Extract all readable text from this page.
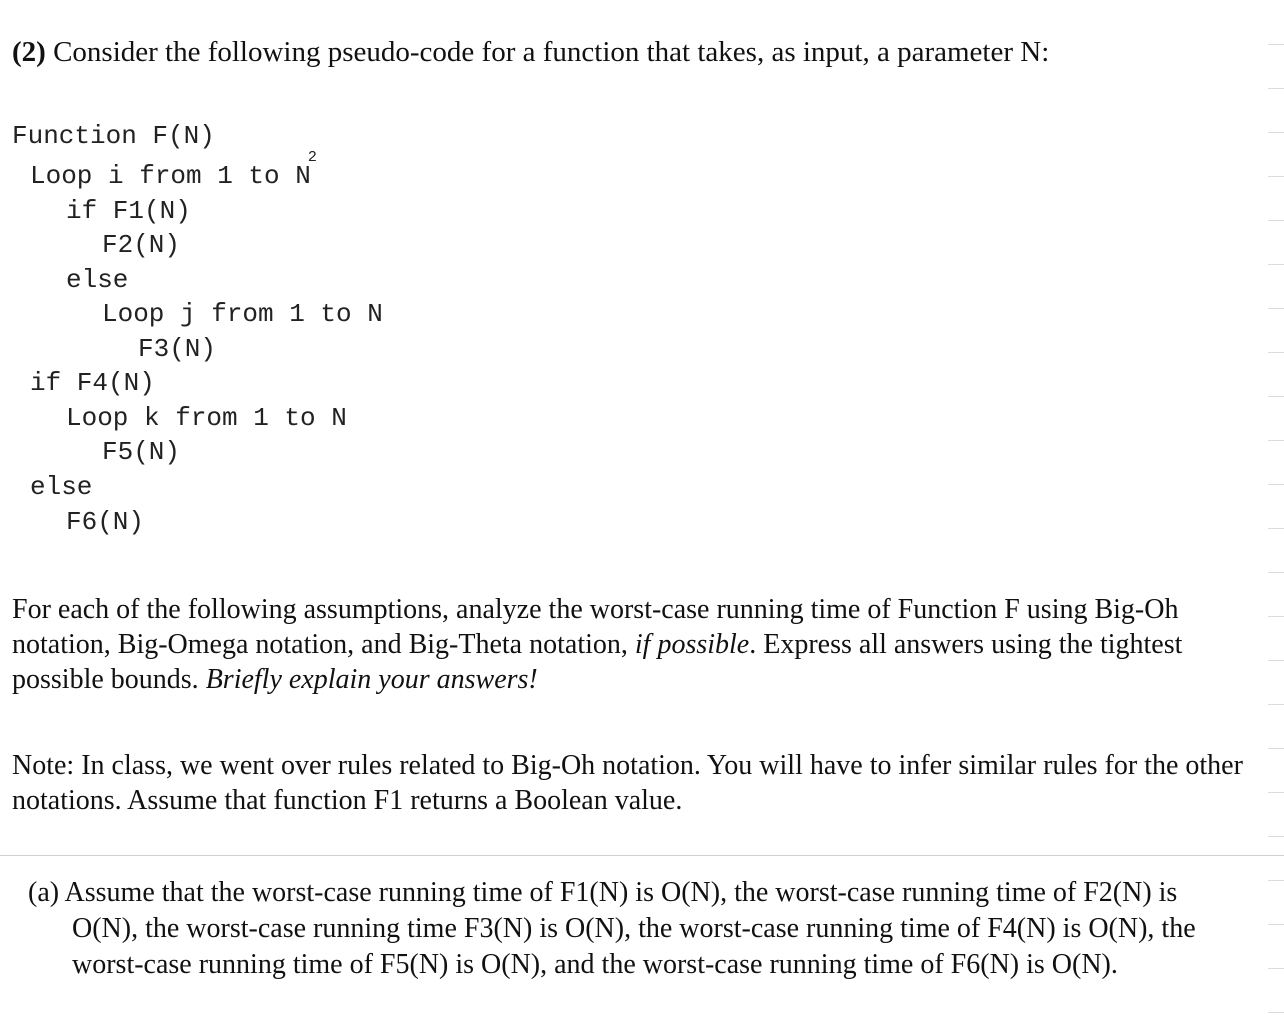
(2) Consider the following pseudo-code for a function that takes, as input, a parameter N:
Function F(N)
Loop i from 1 to $N^2$
if F1(N)
F2(N)
else
Loop j from 1 to N
F3(N)
if F4(N)
Loop k from 1 to N
F5(N)
else
F6(N)
For each of the following assumptions, analyze the worst-case running time of Function F using Big-Oh notation, Big-Omega notation, and Big-Theta notation, if possible. Express all answers using the tightest possible bounds. Briefly explain your answers!
Note: In class, we went over rules related to Big-Oh notation. You will have to infer similar rules for the other notations. Assume that function F1 returns a Boolean value.
(a) Assume that the worst-case running time of F1(N) is O(N), the worst-case running time of F2(N) is
O(N), the worst-case running time F3(N) is O(N), the worst-case running time of F4(N) is O(N), the
worst-case running time of F5(N) is O(N), and the worst-case running time of F6(N) is O(N).
